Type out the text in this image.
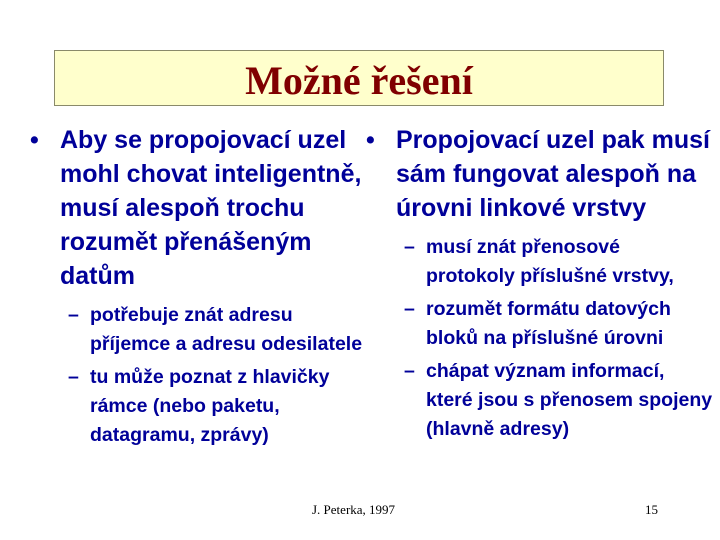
Možné řešení
• Aby se propojovací uzel mohl chovat inteligentně, musí alespoň trochu rozumět přenášeným datům
– potřebuje znát adresu příjemce a adresu odesilatele
– tu může poznat z hlavičky rámce (nebo paketu, datagramu, zprávy)
• Propojovací uzel pak musí sám fungovat alespoň na úrovni linkové vrstvy
– musí znát přenosové protokoly příslušné vrstvy,
– rozumět formátu datových bloků na příslušné úrovni
– chápat význam informací, které jsou s přenosem spojeny (hlavně adresy)
J. Peterka, 1997	15
